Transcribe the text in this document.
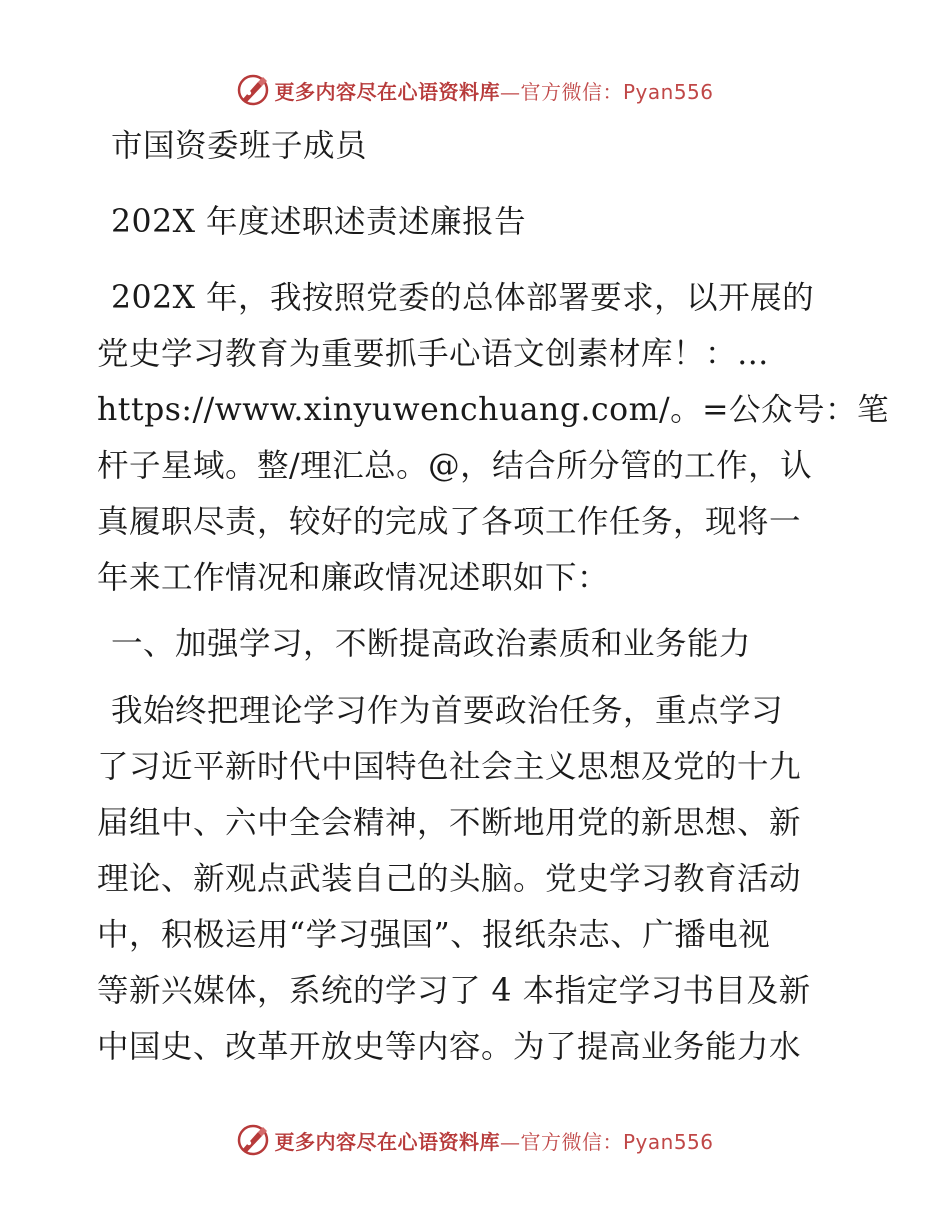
更多内容尽在心语资料库—官方微信：Pyan556
市国资委班子成员
202X 年度述职述责述廉报告
202X 年，我按照党委的总体部署要求，以开展的
党史学习教育为重要抓手心语文创素材库！：…
https://www.xinyuwenchuang.com/。=公众号：笔
杆子星域。整/理汇总。@，结合所分管的工作，认
真履职尽责，较好的完成了各项工作任务，现将一
年来工作情况和廉政情况述职如下：
一、加强学习，不断提高政治素质和业务能力
我始终把理论学习作为首要政治任务，重点学习
了习近平新时代中国特色社会主义思想及党的十九
届组中、六中全会精神，不断地用党的新思想、新
理论、新观点武装自己的头脑。党史学习教育活动
中，积极运用“学习强国”、报纸杂志、广播电视
等新兴媒体，系统的学习了 4 本指定学习书目及新
中国史、改革开放史等内容。为了提高业务能力水
更多内容尽在心语资料库—官方微信：Pyan556
